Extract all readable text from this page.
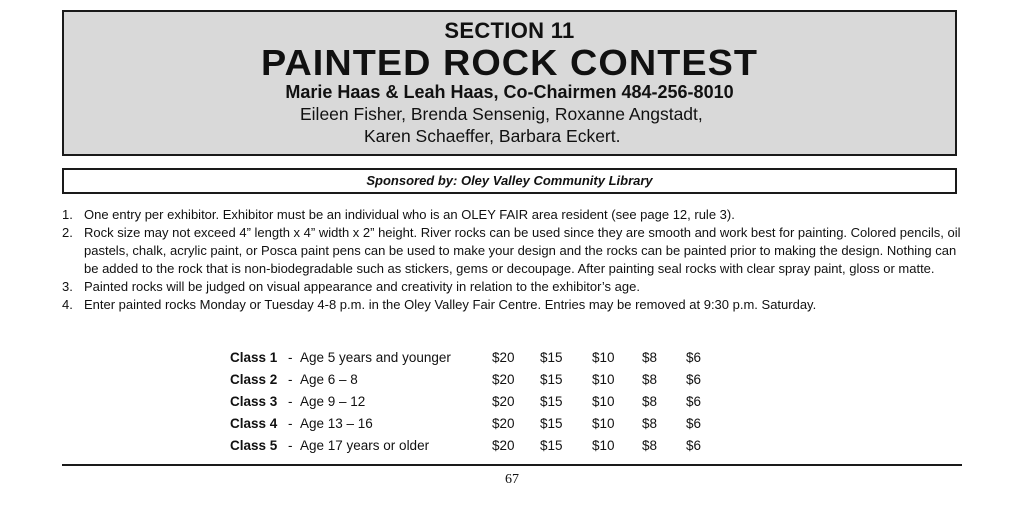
SECTION 11
PAINTED ROCK CONTEST
Marie Haas & Leah Haas, Co-Chairmen 484-256-8010
Eileen Fisher, Brenda Sensenig, Roxanne Angstadt,
Karen Schaeffer, Barbara Eckert.
Sponsored by: Oley Valley Community Library
1. One entry per exhibitor. Exhibitor must be an individual who is an OLEY FAIR area resident (see page 12, rule 3).
2. Rock size may not exceed 4” length x 4” width x 2” height. River rocks can be used since they are smooth and work best for painting. Colored pencils, oil pastels, chalk, acrylic paint, or Posca paint pens can be used to make your design and the rocks can be painted prior to making the design. Nothing can be added to the rock that is non-biodegradable such as stickers, gems or decoupage. After painting seal rocks with clear spray paint, gloss or matte.
3. Painted rocks will be judged on visual appearance and creativity in relation to the exhibitor’s age.
4. Enter painted rocks Monday or Tuesday 4-8 p.m. in the Oley Valley Fair Centre. Entries may be removed at 9:30 p.m. Saturday.
Class 1 - Age 5 years and younger	$20 $15 $10 $8 $6
Class 2 - Age 6 – 8	$20 $15 $10 $8 $6
Class 3 - Age 9 – 12	$20 $15 $10 $8 $6
Class 4 - Age 13 – 16	$20 $15 $10 $8 $6
Class 5 - Age 17 years or older	$20 $15 $10 $8 $6
67
